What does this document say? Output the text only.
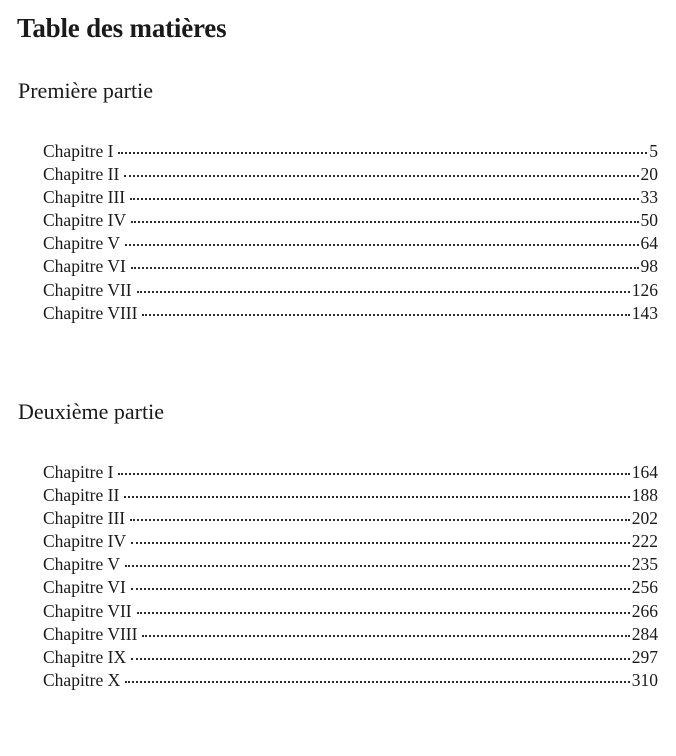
Table des matières
Première partie
Chapitre I	5
Chapitre II	20
Chapitre III	33
Chapitre IV	50
Chapitre V	64
Chapitre VI	98
Chapitre VII	126
Chapitre VIII	143
Deuxième partie
Chapitre I	164
Chapitre II	188
Chapitre III	202
Chapitre IV	222
Chapitre V	235
Chapitre VI	256
Chapitre VII	266
Chapitre VIII	284
Chapitre IX	297
Chapitre X	310
